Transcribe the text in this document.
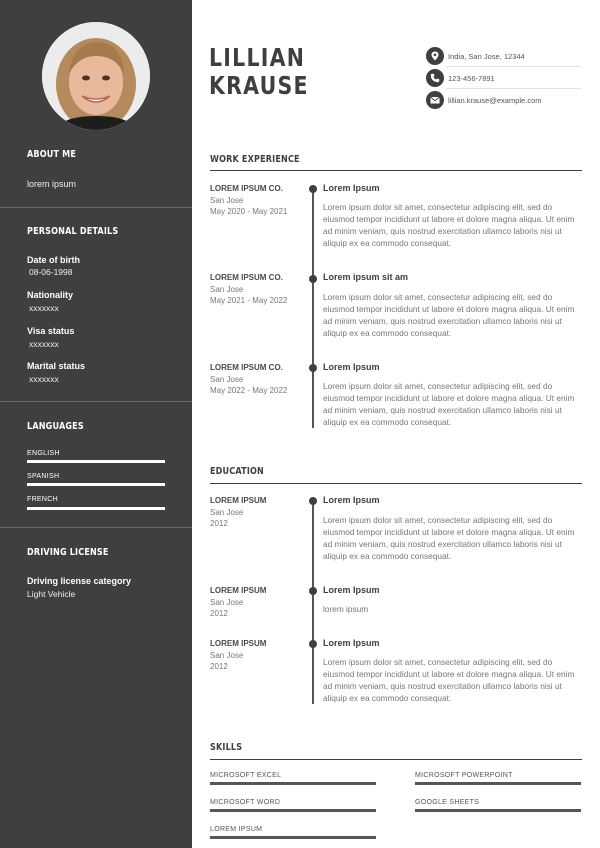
ABOUT ME
lorem ipsum
PERSONAL DETAILS
Date of birth
08-06-1998
Nationality
xxxxxxx
Visa status
xxxxxxx
Marital status
xxxxxxx
LANGUAGES
ENGLISH
SPANISH
FRENCH
DRIVING LICENSE
Driving license category
Light Vehicle
LILLIAN
KRAUSE
India, San Jose, 12344
123-456-7891
lillian.krause@example.com
WORK EXPERIENCE
LOREM IPSUM CO.
San Jose
May 2020 - May 2021
Lorem Ipsum
Lorem ipsum dolor sit amet, consectetur adipiscing elit, sed do eiusmod tempor incididunt ut labore et dolore magna aliqua. Ut enim ad minim veniam, quis nostrud exercitation ullamco laboris nisi ut aliquip ex ea commodo consequat.
LOREM IPSUM CO.
San Jose
May 2021 - May 2022
Lorem ipsum sit am
Lorem ipsum dolor sit amet, consectetur adipiscing elit, sed do eiusmod tempor incididunt ut labore et dolore magna aliqua. Ut enim ad minim veniam, quis nostrud exercitation ullamco laboris nisi ut aliquip ex ea commodo consequat.
LOREM IPSUM CO.
San Jose
May 2022 - May 2022
Lorem Ipsum
Lorem ipsum dolor sit amet, consectetur adipiscing elit, sed do eiusmod tempor incididunt ut labore et dolore magna aliqua. Ut enim ad minim veniam, quis nostrud exercitation ullamco laboris nisi ut aliquip ex ea commodo consequat.
EDUCATION
LOREM IPSUM
San Jose
2012
Lorem Ipsum
Lorem ipsum dolor sit amet, consectetur adipiscing elit, sed do eiusmod tempor incididunt ut labore et dolore magna aliqua. Ut enim ad minim veniam, quis nostrud exercitation ullamco laboris nisi ut aliquip ex ea commodo consequat.
LOREM IPSUM
San Jose
2012
Lorem Ipsum
lorem ipsum
LOREM IPSUM
San Jose
2012
Lorem Ipsum
Lorem ipsum dolor sit amet, consectetur adipiscing elit, sed do eiusmod tempor incididunt ut labore et dolore magna aliqua. Ut enim ad minim veniam, quis nostrud exercitation ullamco laboris nisi ut aliquip ex ea commodo consequat.
SKILLS
MICROSOFT EXCEL	MICROSOFT POWERPOINT
MICROSOFT WORD	GOOGLE SHEETS
LOREM IPSUM
